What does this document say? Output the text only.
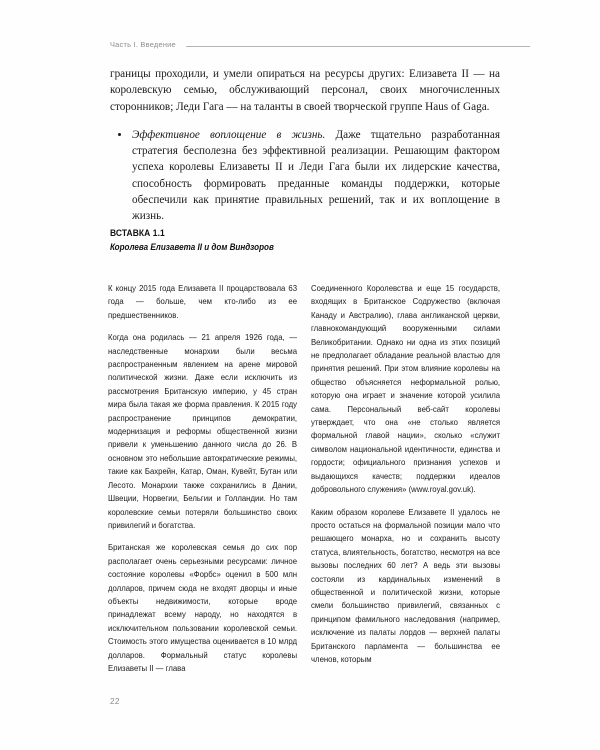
Часть I. Введение

границы проходили, и умели опираться на ресурсы других: Елизавета II — на королевскую семью, обслуживающий персонал, своих многочисленных сторонников; Леди Гага — на таланты в своей творческой группе Haus of Gaga.

Эффективное воплощение в жизнь. Даже тщательно разработанная стратегия бесполезна без эффективной реализации. Решающим фактором успеха королевы Елизаветы II и Леди Гага были их лидерские качества, способность формировать преданные команды поддержки, которые обеспечили как принятие правильных решений, так и их воплощение в жизнь.
ВСТАВКА 1.1
Королева Елизавета II и дом Виндзоров

К концу 2015 года Елизавета II процарствовала 63 года — больше, чем кто-либо из ее предшественников.

Когда она родилась — 21 апреля 1926 года, — наследственные монархии были весьма распространенным явлением на арене мировой политической жизни. Даже если исключить из рассмотрения Британскую империю, у 45 стран мира была такая же форма правления. К 2015 году распространение принципов демократии, модернизация и реформы общественной жизни привели к уменьшению данного числа до 26. В основном это небольшие автократические режимы, такие как Бахрейн, Катар, Оман, Кувейт, Бутан или Лесото. Монархии также сохранились в Дании, Швеции, Норвегии, Бельгии и Голландии. Но там королевские семьи потеряли большинство своих привилегий и богатства.

Британская же королевская семья до сих пор располагает очень серьезными ресурсами: личное состояние королевы «Форбс» оценил в 500 млн долларов, причем сюда не входят дворцы и иные объекты недвижимости, которые вроде принадлежат всему народу, но находятся в исключительном пользовании королевской семьи. Стоимость этого имущества оценивается в 10 млрд долларов. Формальный статус королевы Елизаветы II — глава

Соединенного Королевства и еще 15 государств, входящих в Британское Содружество (включая Канаду и Австралию), глава англиканской церкви, главнокомандующий вооруженными силами Великобритании. Однако ни одна из этих позиций не предполагает обладание реальной властью для принятия решений. При этом влияние королевы на общество объясняется неформальной ролью, которую она играет и значение которой усилила сама. Персональный веб-сайт королевы утверждает, что она «не столько является формальной главой нации», сколько «служит символом национальной идентичности, единства и гордости; официального признания успехов и выдающихся качеств; поддержки идеалов добровольного служения» (www.royal.gov.uk).

Каким образом королеве Елизавете II удалось не просто остаться на формальной позиции мало что решающего монарха, но и сохранить высоту статуса, влиятельность, богатство, несмотря на все вызовы последних 60 лет? А ведь эти вызовы состояли из кардинальных изменений в общественной и политической жизни, которые смели большинство привилегий, связанных с принципом фамильного наследования (например, исключение из палаты лордов — верхней палаты Британского парламента — большинства ее членов, которым

22
